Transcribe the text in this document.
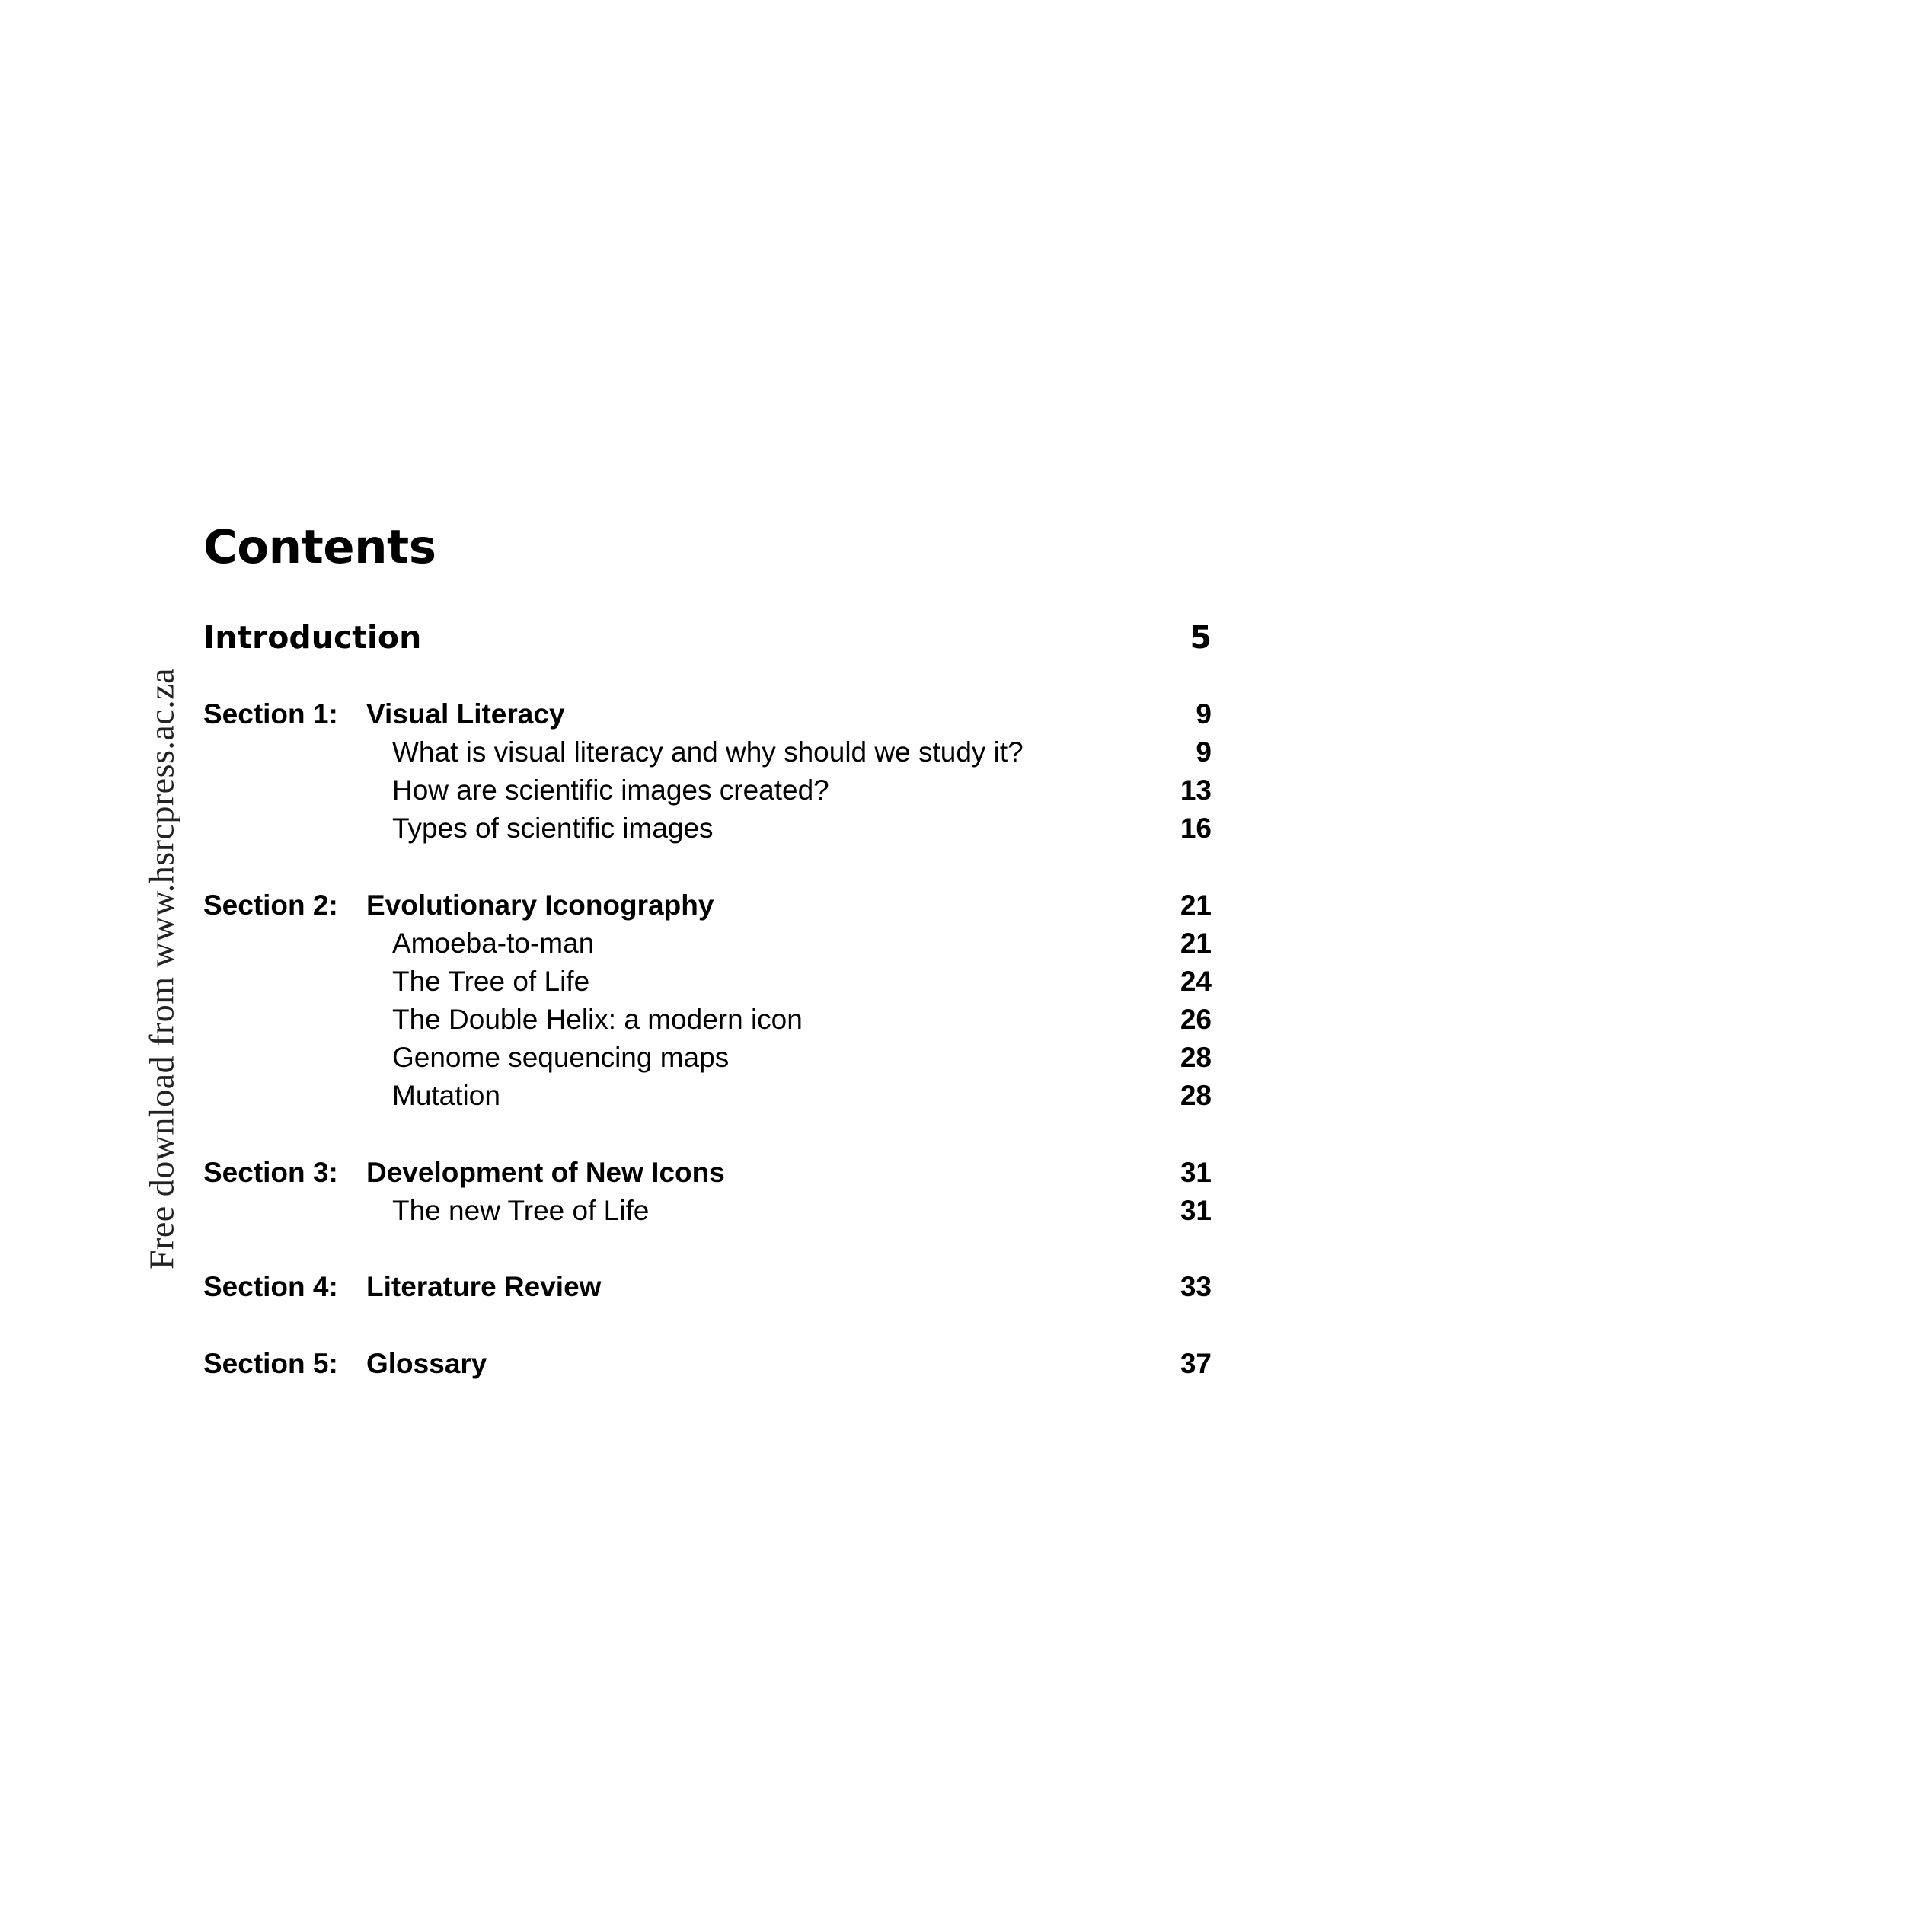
Free download from www.hsrcpress.ac.za
Contents
Introduction	5
Section 1: Visual Literacy	9
What is visual literacy and why should we study it?	9
How are scientific images created?	13
Types of scientific images	16
Section 2: Evolutionary Iconography	21
Amoeba-to-man	21
The Tree of Life	24
The Double Helix: a modern icon	26
Genome sequencing maps	28
Mutation	28
Section 3: Development of New Icons	31
The new Tree of Life	31
Section 4: Literature Review	33
Section 5: Glossary	37
